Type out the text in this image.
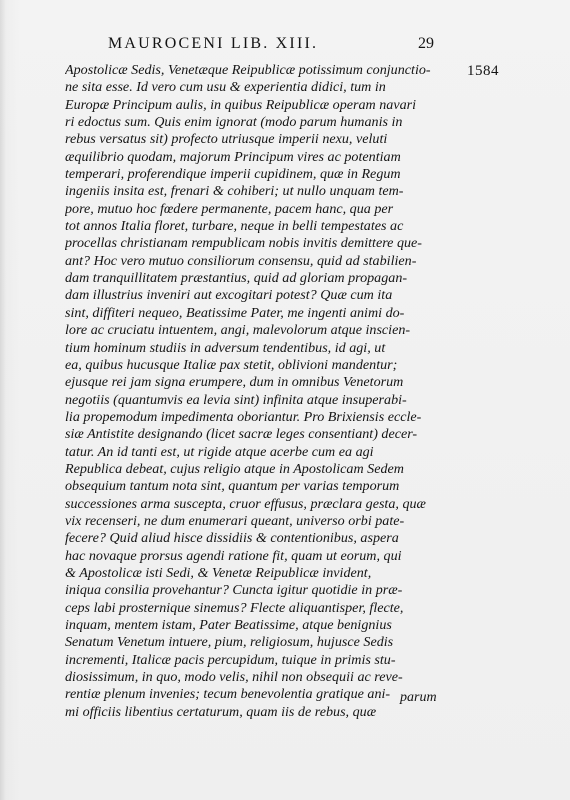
MAUROCENI LIB. XIII.	29
1584
Apostolicæ Sedis, Venetæque Reipublicæ potissimum conjunctio-
ne sita esse. Id vero cum usu & experientia didici, tum in
Europæ Principum aulis, in quibus Reipublicæ operam navari
ri edoctus sum. Quis enim ignorat (modo parum humanis in
rebus versatus sit) profecto utriusque imperii nexu, veluti
æquilibrio quodam, majorum Principum vires ac potentiam
temperari, proferendique imperii cupidinem, quæ in Regum
ingeniis insita est, frenari & cohiberi; ut nullo unquam tem-
pore, mutuo hoc fœdere permanente, pacem hanc, qua per
tot annos Italia floret, turbare, neque in belli tempestates ac
procellas christianam rempublicam nobis invitis demittere que-
ant? Hoc vero mutuo consiliorum consensu, quid ad stabilien-
dam tranquillitatem præstantius, quid ad gloriam propagan-
dam illustrius inveniri aut excogitari potest? Quæ cum ita
sint, diffiteri nequeo, Beatissime Pater, me ingenti animi do-
lore ac cruciatu intuentem, angi, malevolorum atque inscien-
tium hominum studiis in adversum tendentibus, id agi, ut
ea, quibus hucusque Italiæ pax stetit, oblivioni mandentur;
ejusque rei jam signa erumpere, dum in omnibus Venetorum
negotiis (quantumvis ea levia sint) infinita atque insuperabi-
lia propemodum impedimenta oboriantur. Pro Brixiensis eccle-
siæ Antistite designando (licet sacræ leges consentiant) decer-
tatur. An id tanti est, ut rigide atque acerbe cum ea agi
Republica debeat, cujus religio atque in Apostolicam Sedem
obsequium tantum nota sint, quantum per varias temporum
successiones arma suscepta, cruor effusus, præclara gesta, quæ
vix recenseri, ne dum enumerari queant, universo orbi pate-
fecere? Quid aliud hisce dissidiis & contentionibus, aspera
hac novaque prorsus agendi ratione fit, quam ut eorum, qui
& Apostolicæ isti Sedi, & Venetæ Reipublicæ invident,
iniqua consilia provehantur? Cuncta igitur quotidie in præ-
ceps labi prosternique sinemus? Flecte aliquantisper, flecte,
inquam, mentem istam, Pater Beatissime, atque benignius
Senatum Venetum intuere, pium, religiosum, hujusce Sedis
incrementi, Italicæ pacis percupidum, tuique in primis stu-
diosissimum, in quo, modo velis, nihil non obsequii ac reve-
rentiæ plenum invenies; tecum benevolentia gratique ani-
mi officiis libentius certaturum, quam iis de rebus, quæ
parum
